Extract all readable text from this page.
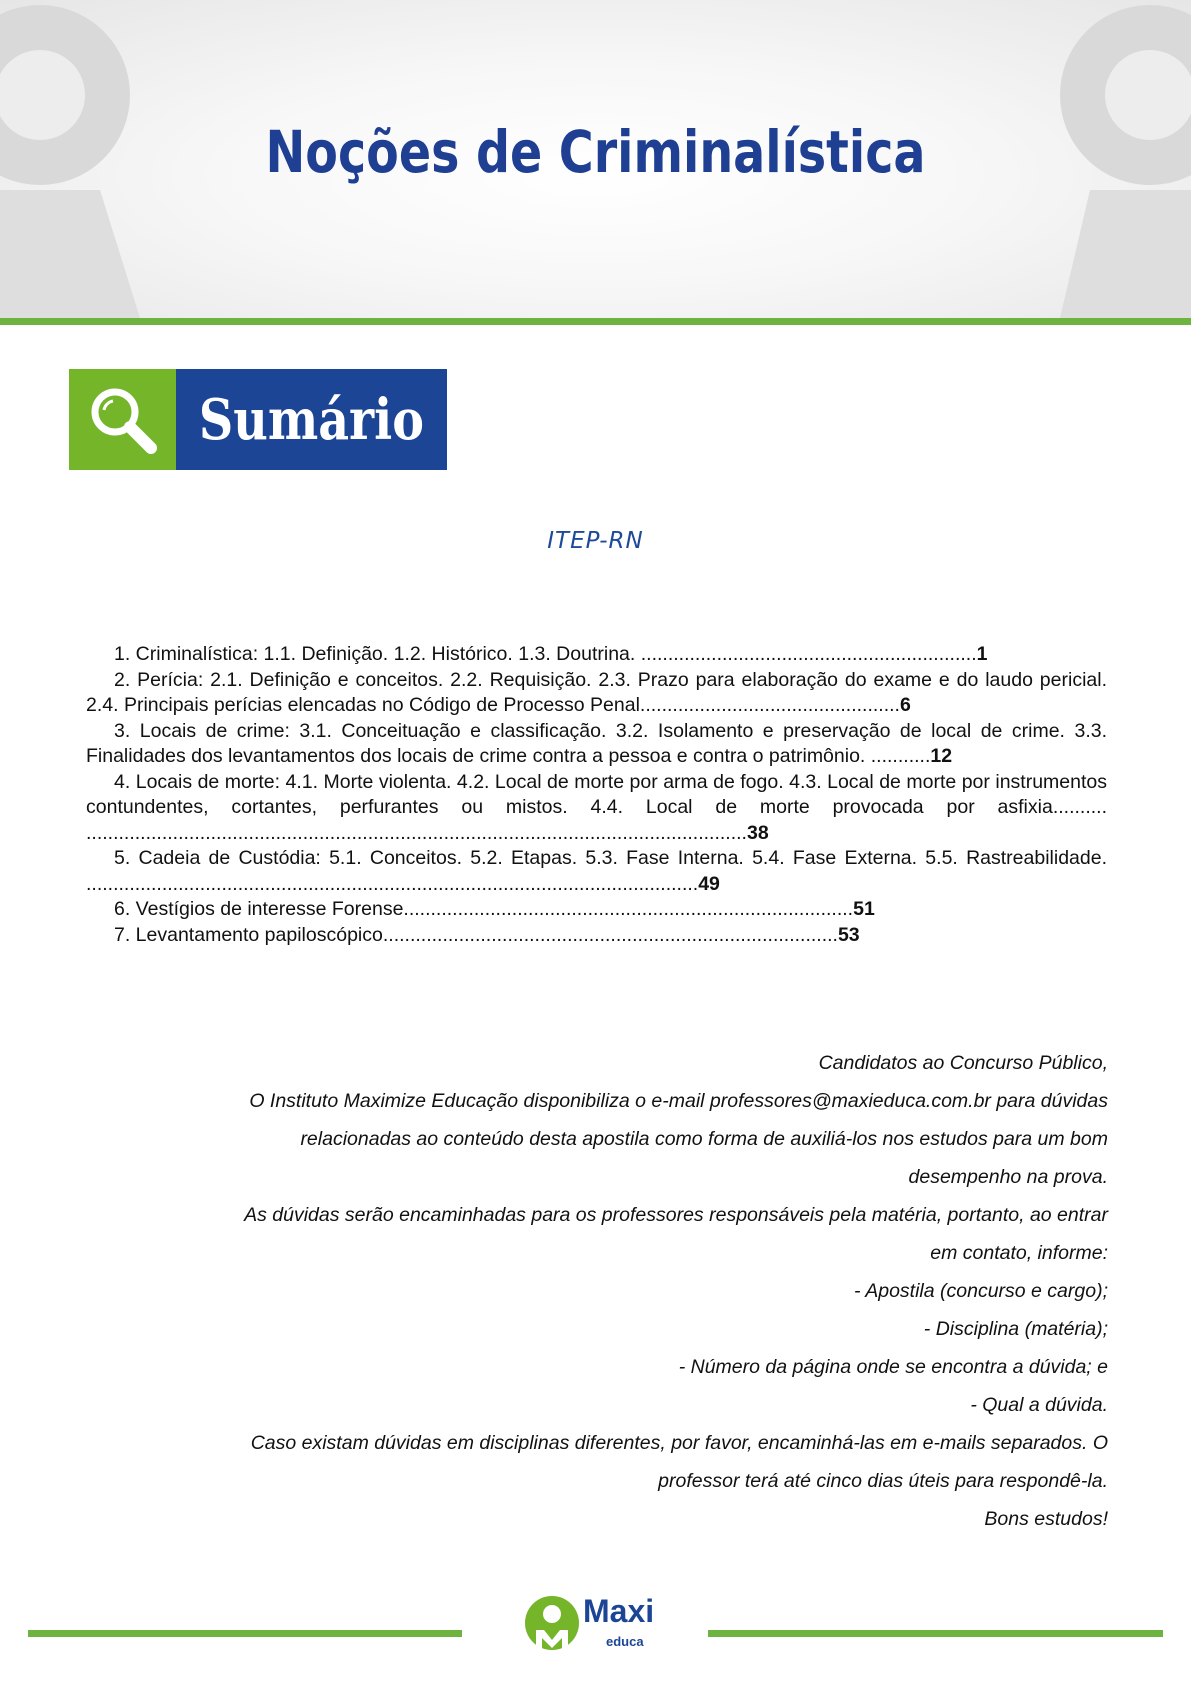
Noções de Criminalística
Sumário
ITEP-RN

1. Criminalística: 1.1. Definição. 1.2. Histórico. 1.3. Doutrina. ..............................................................1

2. Perícia: 2.1. Definição e conceitos. 2.2. Requisição. 2.3. Prazo para elaboração do exame e do laudo pericial. 2.4. Principais perícias elencadas no Código de Processo Penal................................................6

3. Locais de crime: 3.1. Conceituação e classificação. 3.2. Isolamento e preservação de local de crime. 3.3. Finalidades dos levantamentos dos locais de crime contra a pessoa e contra o patrimônio. ...........12

4. Locais de morte: 4.1. Morte violenta. 4.2. Local de morte por arma de fogo. 4.3. Local de morte por instrumentos contundentes, cortantes, perfurantes ou mistos. 4.4. Local de morte provocada por asfixia.......... ..........................................................................................................................38

5. Cadeia de Custódia: 5.1. Conceitos. 5.2. Etapas. 5.3. Fase Interna. 5.4. Fase Externa. 5.5. Rastreabilidade. .................................................................................................................49

6. Vestígios de interesse Forense...................................................................................51

7. Levantamento papiloscópico....................................................................................53

Candidatos ao Concurso Público,

O Instituto Maximize Educação disponibiliza o e-mail professores@maxieduca.com.br para dúvidas

relacionadas ao conteúdo desta apostila como forma de auxiliá-los nos estudos para um bom

desempenho na prova.

As dúvidas serão encaminhadas para os professores responsáveis pela matéria, portanto, ao entrar

em contato, informe:

- Apostila (concurso e cargo);

- Disciplina (matéria);

- Número da página onde se encontra a dúvida; e

- Qual a dúvida.

Caso existam dúvidas em disciplinas diferentes, por favor, encaminhá-las em e-mails separados. O

professor terá até cinco dias úteis para respondê-la.

Bons estudos!

Maxi
educa
